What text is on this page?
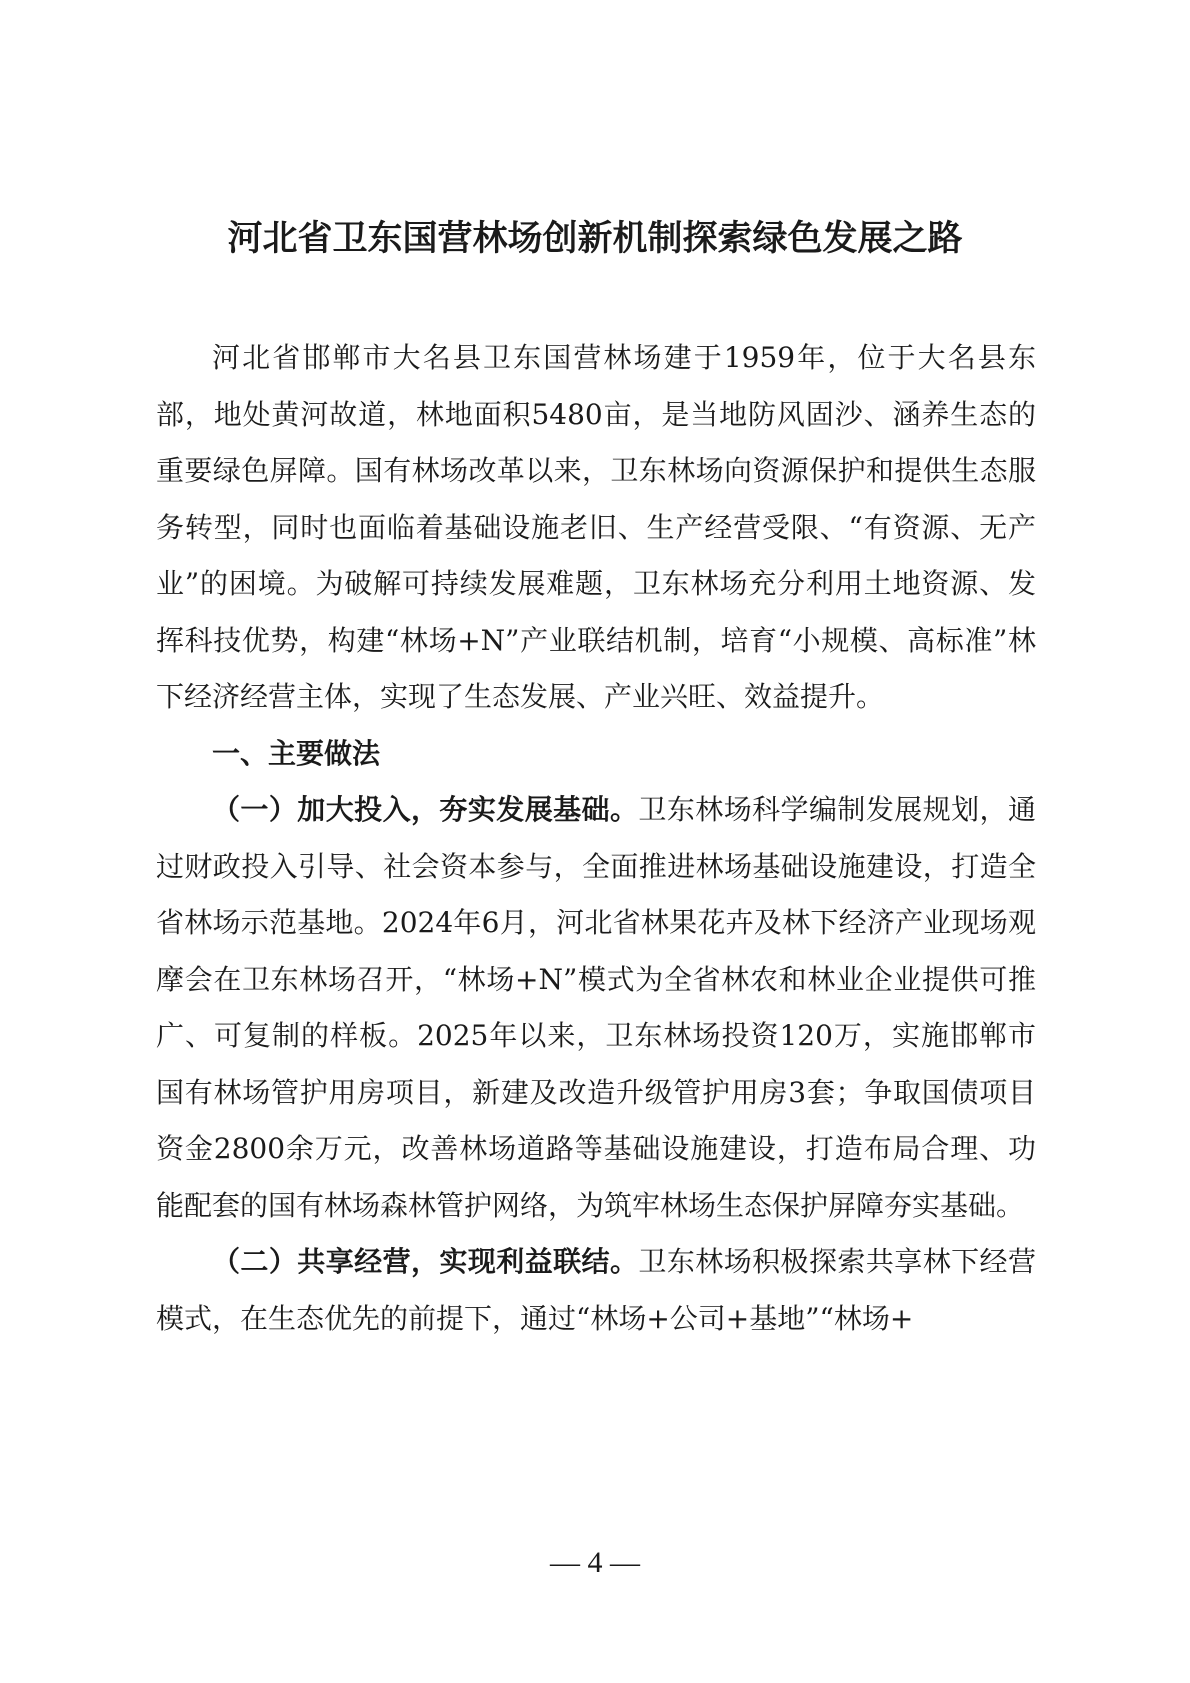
河北省卫东国营林场创新机制探索绿色发展之路

河北省邯郸市大名县卫东国营林场建于1959年，位于大名县东部，地处黄河故道，林地面积5480亩，是当地防风固沙、涵养生态的重要绿色屏障。国有林场改革以来，卫东林场向资源保护和提供生态服务转型，同时也面临着基础设施老旧、生产经营受限、“有资源、无产业”的困境。为破解可持续发展难题，卫东林场充分利用土地资源、发挥科技优势，构建“林场+N”产业联结机制，培育“小规模、高标准”林下经济经营主体，实现了生态发展、产业兴旺、效益提升。

一、主要做法

（一）加大投入，夯实发展基础。卫东林场科学编制发展规划，通过财政投入引导、社会资本参与，全面推进林场基础设施建设，打造全省林场示范基地。2024年6月，河北省林果花卉及林下经济产业现场观摩会在卫东林场召开，“林场+N”模式为全省林农和林业企业提供可推广、可复制的样板。2025年以来，卫东林场投资120万，实施邯郸市国有林场管护用房项目，新建及改造升级管护用房3套；争取国债项目资金2800余万元，改善林场道路等基础设施建设，打造布局合理、功能配套的国有林场森林管护网络，为筑牢林场生态保护屏障夯实基础。

（二）共享经营，实现利益联结。卫东林场积极探索共享林下经营模式，在生态优先的前提下，通过“林场+公司+基地”“林场+

— 4 —
